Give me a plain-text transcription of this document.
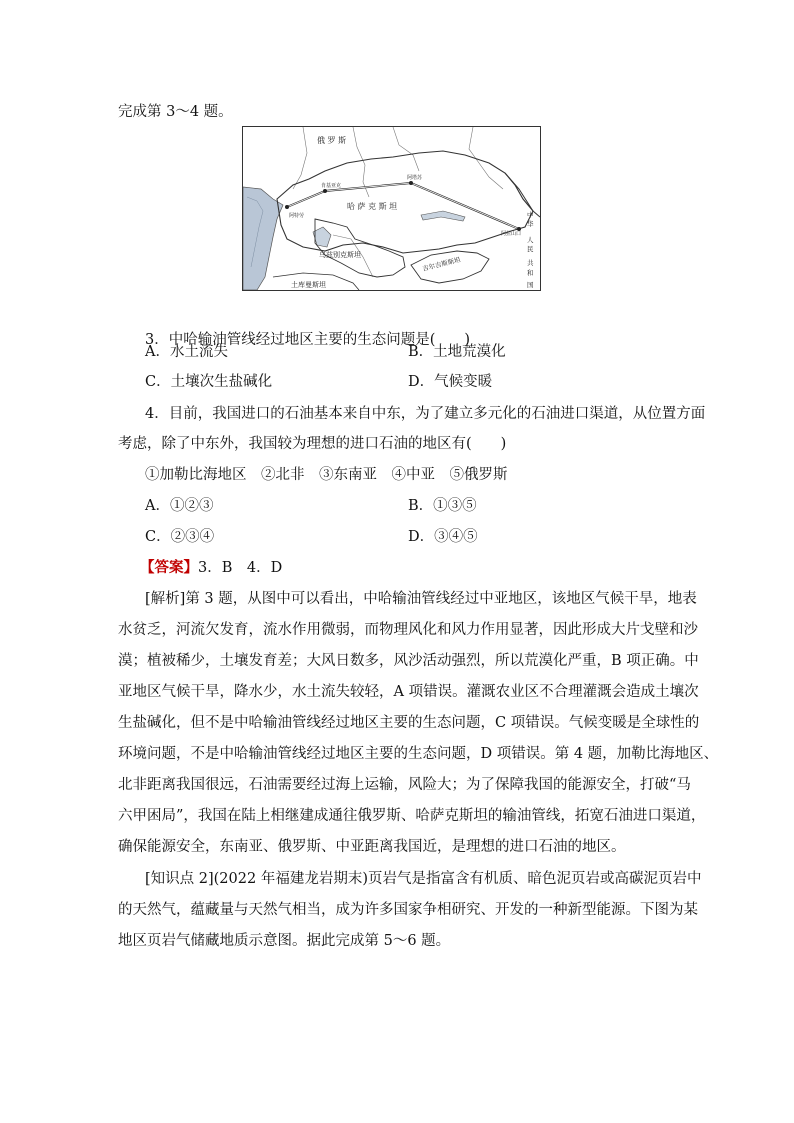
完成第 3～4 题。
俄 罗 斯
哈 萨 克 斯 坦
肯基亚克
阿特劳
阿塔苏
阿拉山口
乌兹别克斯坦
吉尔吉斯斯坦
土库曼斯坦
中
华
人
民
共
和
国
3．中哈输油管线经过地区主要的生态问题是(　　)
A．水土流失	B．土地荒漠化
C．土壤次生盐碱化	D．气候变暖
4．目前，我国进口的石油基本来自中东，为了建立多元化的石油进口渠道，从位置方面
考虑，除了中东外，我国较为理想的进口石油的地区有(　　)
①加勒比海地区　②北非　③东南亚　④中亚　⑤俄罗斯
A．①②③	B．①③⑤
C．②③④	D．③④⑤
【答案】3．B　4．D
[解析]第 3 题，从图中可以看出，中哈输油管线经过中亚地区，该地区气候干旱，地表
水贫乏，河流欠发育，流水作用微弱，而物理风化和风力作用显著，因此形成大片戈壁和沙
漠；植被稀少，土壤发育差；大风日数多，风沙活动强烈，所以荒漠化严重，B 项正确。中
亚地区气候干旱，降水少，水土流失较轻，A 项错误。灌溉农业区不合理灌溉会造成土壤次
生盐碱化，但不是中哈输油管线经过地区主要的生态问题，C 项错误。气候变暖是全球性的
环境问题，不是中哈输油管线经过地区主要的生态问题，D 项错误。第 4 题，加勒比海地区、
北非距离我国很远，石油需要经过海上运输，风险大；为了保障我国的能源安全，打破“马
六甲困局”，我国在陆上相继建成通往俄罗斯、哈萨克斯坦的输油管线，拓宽石油进口渠道，
确保能源安全，东南亚、俄罗斯、中亚距离我国近，是理想的进口石油的地区。
[知识点 2](2022 年福建龙岩期末)页岩气是指富含有机质、暗色泥页岩或高碳泥页岩中
的天然气，蕴藏量与天然气相当，成为许多国家争相研究、开发的一种新型能源。下图为某
地区页岩气储藏地质示意图。据此完成第 5～6 题。
